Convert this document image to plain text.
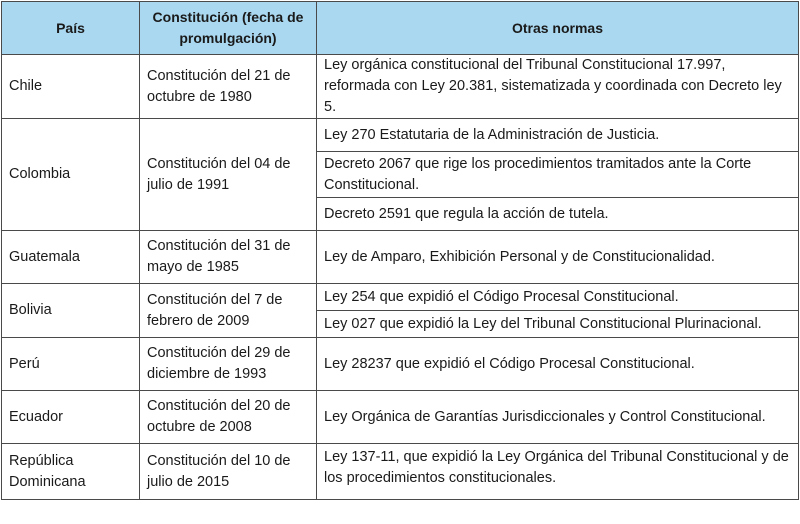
País	Constitución (fecha de promulgación)	Otras normas
Chile	Constitución del 21 de octubre de 1980	Ley orgánica constitucional del Tribunal Constitucional 17.997, reformada con Ley 20.381, sistematizada y coordinada con Decreto ley 5.
Colombia	Constitución del 04 de julio de 1991	Ley 270 Estatutaria de la Administración de Justicia.
		Decreto 2067 que rige los procedimientos tramitados ante la Corte Constitucional.
		Decreto 2591 que regula la acción de tutela.
Guatemala	Constitución del 31 de mayo de 1985	Ley de Amparo, Exhibición Personal y de Constitucionalidad.
Bolivia	Constitución del 7 de febrero de 2009	Ley 254 que expidió el Código Procesal Constitucional.
		Ley 027 que expidió la Ley del Tribunal Constitucional Plurinacional.
Perú	Constitución del 29 de diciembre de 1993	Ley 28237 que expidió el Código Procesal Constitucional.
Ecuador	Constitución del 20 de octubre de 2008	Ley Orgánica de Garantías Jurisdiccionales y Control Constitucional.
República Dominicana	Constitución del 10 de julio de 2015	Ley 137-11, que expidió la Ley Orgánica del Tribunal Constitucional y de los procedimientos constitucionales.
